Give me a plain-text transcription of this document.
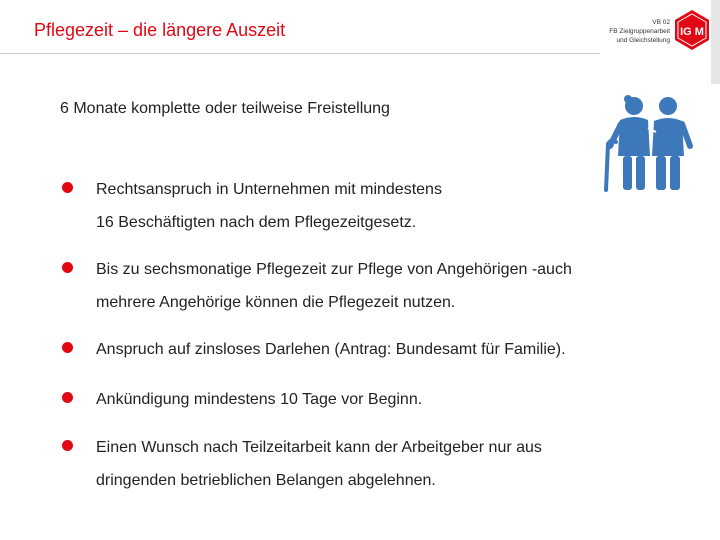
Pflegezeit – die längere Auszeit	VB 02
FB Zielgruppenarbeit
und Gleichstellung
IG M
6 Monate komplette oder teilweise Freistellung
Rechtsanspruch in Unternehmen mit mindestens
16 Beschäftigten nach dem Pflegezeitgesetz.
Bis zu sechsmonatige Pflegezeit zur Pflege von Angehörigen -auch
mehrere Angehörige können die Pflegezeit nutzen.
Anspruch auf zinsloses Darlehen (Antrag: Bundesamt für Familie).
Ankündigung mindestens 10 Tage vor Beginn.
Einen Wunsch nach Teilzeitarbeit kann der Arbeitgeber nur aus
dringenden betrieblichen Belangen abgelehnen.
